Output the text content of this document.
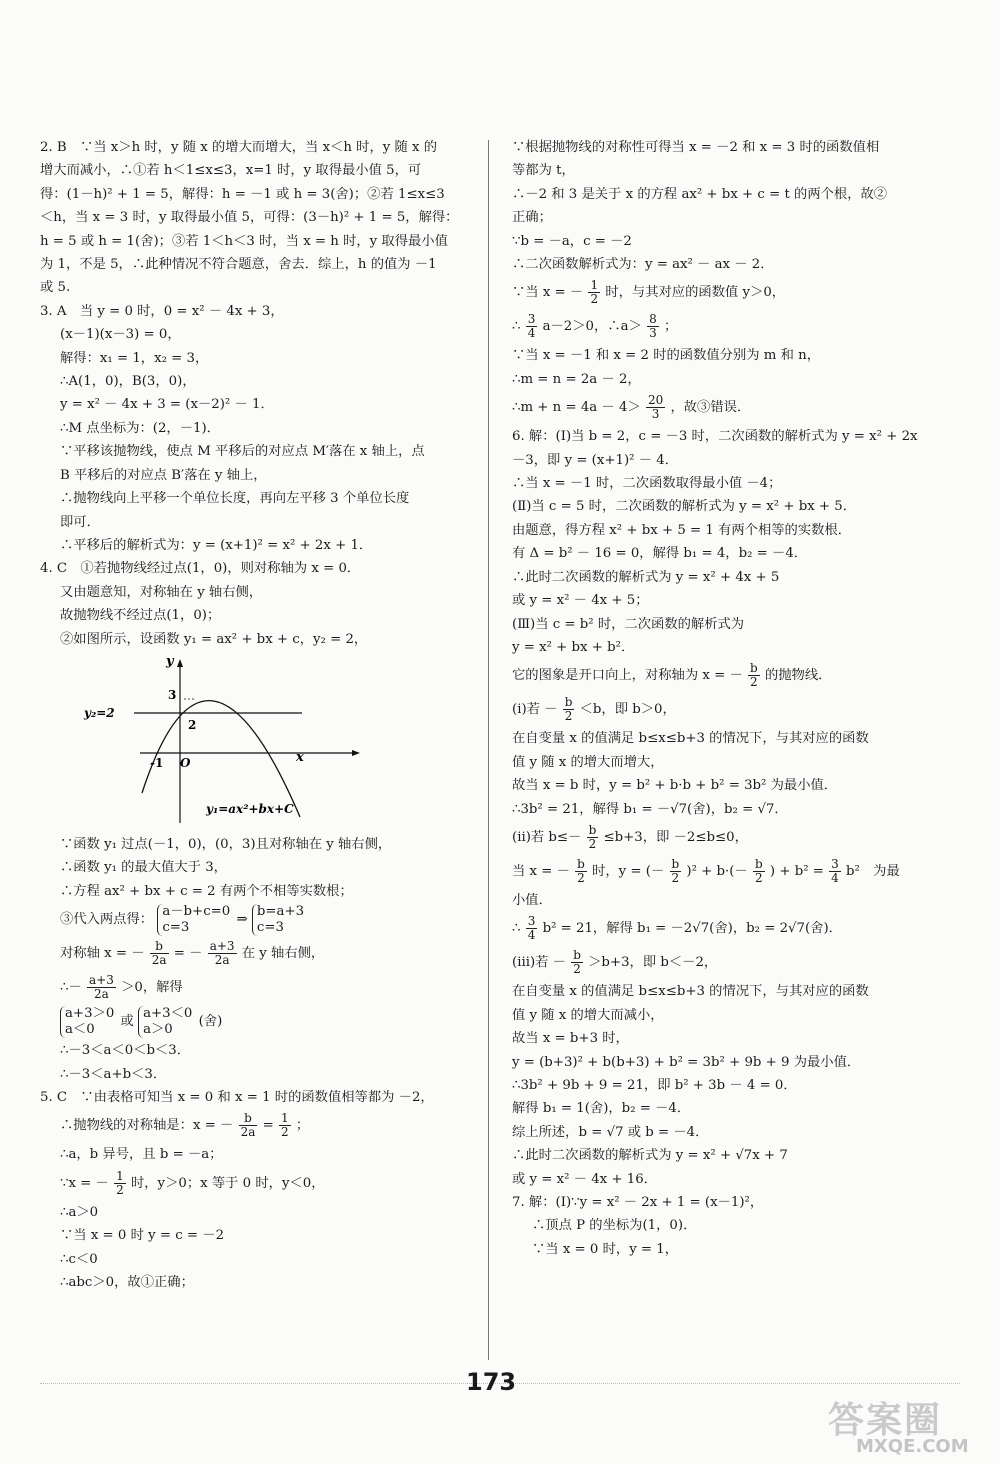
2. B　∵当 x＞h 时，y 随 x 的增大而增大，当 x＜h 时，y 随 x 的
增大而减小，∴①若 h＜1≤x≤3，x=1 时，y 取得最小值 5，可
得：(1－h)² + 1 = 5，解得：h = －1 或 h = 3(舍)；②若 1≤x≤3
＜h，当 x = 3 时，y 取得最小值 5，可得：(3－h)² + 1 = 5，解得：
h = 5 或 h = 1(舍)；③若 1＜h＜3 时，当 x = h 时，y 取得最小值
为 1，不是 5，∴此种情况不符合题意，舍去．综上，h 的值为 －1
或 5.
3. A　当 y = 0 时，0 = x² － 4x + 3，
(x－1)(x－3) = 0，
解得：x₁ = 1，x₂ = 3，
∴A(1，0)，B(3，0)，
y = x² － 4x + 3 = (x－2)² － 1．
∴M 点坐标为：(2，－1)．
∵平移该抛物线，使点 M 平移后的对应点 M′落在 x 轴上，点
B 平移后的对应点 B′落在 y 轴上，
∴抛物线向上平移一个单位长度，再向左平移 3 个单位长度
即可．
∴平移后的解析式为：y = (x+1)² = x² + 2x + 1．
4. C　①若抛物线经过点(1，0)，则对称轴为 x = 0．
又由题意知，对称轴在 y 轴右侧，
故抛物线不经过点(1，0)；
②如图所示，设函数 y₁ = ax² + bx + c，y₂ = 2，
y
x
O
-1
3
2
y₂=2
y₁=ax²+bx+C
∵函数 y₁ 过点(－1，0)，(0，3)且对称轴在 y 轴右侧，
∴函数 y₁ 的最大值大于 3，
∴方程 ax² + bx + c = 2 有两个不相等实数根；
③代入两点得： a－b+c=0
c=3	⇒ b=a+3
c=3
对称轴 x = － $\frac{b}{2a}$ = － $\frac{a+3}{2a}$ 在 y 轴右侧，
∴－ $\frac{a+3}{2a} >0$，解得
a+3＞0
a＜0 或 a+3＜0
a＞0 (舍)
∴－3＜a＜0＜b＜3．
∴－3＜a+b＜3．
5. C　∵由表格可知当 x = 0 和 x = 1 时的函数值相等都为 －2，
∴抛物线的对称轴是：x = － $\frac{b}{2a} = \frac{1}{2}$ ；
∴a，b 异号，且 b = －a；
∵x = － $\frac{1}{2}$ 时，y＞0；x 等于 0 时，y＜0，
∴a＞0
∵当 x = 0 时 y = c = －2
∴c＜0
∴abc＞0，故①正确；
∵根据抛物线的对称性可得当 x = －2 和 x = 3 时的函数值相
等都为 t，
∴－2 和 3 是关于 x 的方程 ax² + bx + c = t 的两个根，故②
正确；
∵b = －a，c = －2
∴二次函数解析式为：y = ax² － ax － 2．
∵当 x = － $\frac{1}{2}$ 时，与其对应的函数值 y＞0，
∴ $\frac{3}{4} a-2>0$，∴a＞ $\frac{8}{3}$ ；
∵当 x = －1 和 x = 2 时的函数值分别为 m 和 n，
∴m = n = 2a － 2，
∴m + $n = 4a - 4> \frac{20}{3}$ ，故③错误．
6. 解：(Ⅰ)当 b = 2，c = －3 时，二次函数的解析式为 y = x² + 2x
－3，即 y = (x+1)² － 4．
∴当 x = －1 时，二次函数取得最小值 －4；
(Ⅱ)当 c = 5 时，二次函数的解析式为 y = x² + bx + 5．
由题意，得方程 x² + bx + 5 = 1 有两个相等的实数根．
有 Δ = b² － 16 = 0，解得 b₁ = 4，b₂ = －4．
∴此时二次函数的解析式为 y = x² + 4x + 5
或 y = x² － 4x + 5；
(Ⅲ)当 c = b² 时，二次函数的解析式为
y = x² + bx + b²．
它的图象是开口向上，对称轴为 x = － $\frac{b}{2}$ 的抛物线．
(ⅰ)若 － $\frac{b}{2} <b$，即 b＞0，
在自变量 x 的值满足 b≤x≤b+3 的情况下，与其对应的函数
值 y 随 x 的增大而增大，
故当 x = b 时，y = b² + b·b + b² = 3b² 为最小值．
∴3b² = 21，解得 b₁ = －√7(舍)，b₂ = √7．
(ⅱ)若 $b\le- \frac{b}{2} \le b+3$，即 －2≤b≤0，
当 x = － $\frac{b}{2}$ 时，y = (－ $\frac{b}{2} )^2 + b\cdot(- \frac{b}{2}$ ) + $b^2 = \frac{3}{4} b^2$　为最
小值．
∴ $\frac{3}{4} b^2 = 21$，解得 b₁ = －2√7(舍)，b₂ = 2√7(舍)．
(ⅲ)若 － $\frac{b}{2} >b+3$，即 b＜－2，
在自变量 x 的值满足 b≤x≤b+3 的情况下，与其对应的函数
值 y 随 x 的增大而减小，
故当 x = b+3 时，
y = (b+3)² + b(b+3) + b² = 3b² + 9b + 9 为最小值．
∴3b² + 9b + 9 = 21，即 b² + 3b － 4 = 0．
解得 b₁ = 1(舍)，b₂ = －4．
综上所述，b = √7 或 b = －4．
∴此时二次函数的解析式为 y = x² + √7x + 7
或 y = x² － 4x + 16．
7. 解：(Ⅰ)∵y = x² － 2x + 1 = (x－1)²，
∴顶点 P 的坐标为(1，0)．
∵当 x = 0 时，y = 1，
173
答案圈
MXQE.COM
